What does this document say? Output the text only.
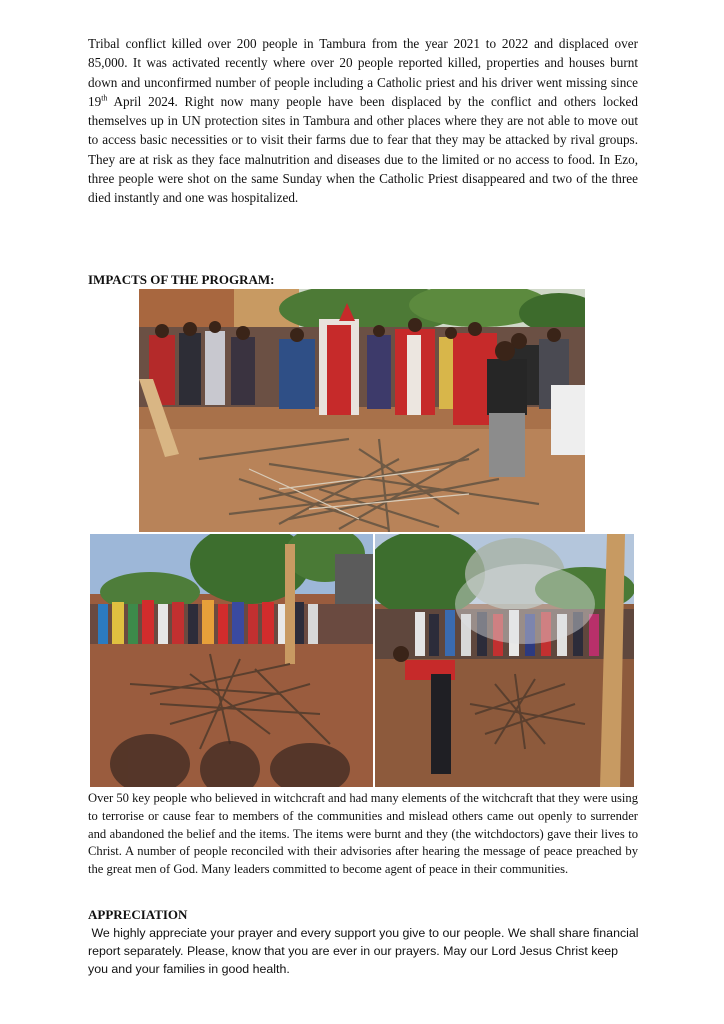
Tribal conflict killed over 200 people in Tambura from the year 2021 to 2022 and displaced over 85,000. It was activated recently where over 20 people reported killed, properties and houses burnt down and unconfirmed number of people including a Catholic priest and his driver went missing since 19th April 2024. Right now many people have been displaced by the conflict and others locked themselves up in UN protection sites in Tambura and other places where they are not able to move out to access basic necessities or to visit their farms due to fear that they may be attacked by rival groups. They are at risk as they face malnutrition and diseases due to the limited or no access to food. In Ezo, three people were shot on the same Sunday when the Catholic Priest disappeared and two of the three died instantly and one was hospitalized.

IMPACTS OF THE PROGRAM:

Over 50 key people who believed in witchcraft and had many elements of the witchcraft that they were using to terrorise or cause fear to members of the communities and mislead others came out openly to surrender and abandoned the belief and the items. The items were burnt and they (the witchdoctors) gave their lives to Christ. A number of people reconciled with their advisories after hearing the message of peace preached by the great men of God. Many leaders committed to become agent of peace in their communities.

APPRECIATION

We highly appreciate your prayer and every support you give to our people. We shall share financial report separately. Please, know that you are ever in our prayers. May our Lord Jesus Christ keep you and your families in good health.
